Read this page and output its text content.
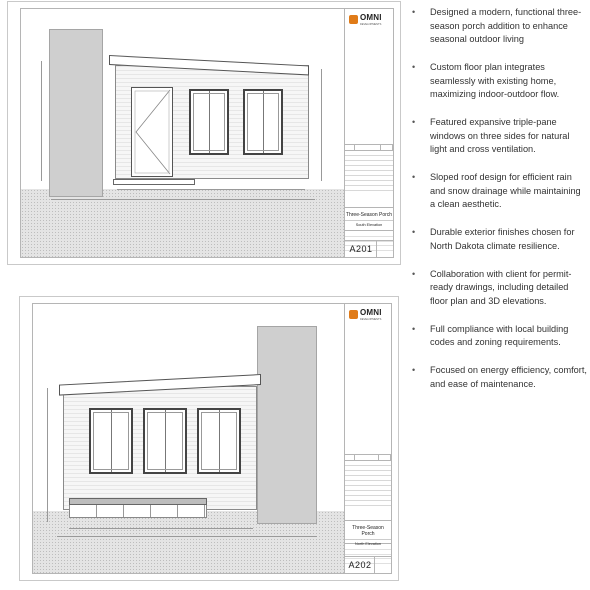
OMNI
DEVELOPMENTS
Three-Season Porch
South Elevation
A201
OMNI
DEVELOPMENTS
Three-Season Porch
North Elevation
A202
• Designed a modern, functional three-season porch addition to enhance seasonal outdoor living
• Custom floor plan integrates seamlessly with existing home, maximizing indoor-outdoor flow.
• Featured expansive triple-pane windows on three sides for natural light and cross ventilation.
• Sloped roof design for efficient rain and snow drainage while maintaining a clean aesthetic.
• Durable exterior finishes chosen for North Dakota climate resilience.
• Collaboration with client for permit-ready drawings, including detailed floor plan and 3D elevations.
• Full compliance with local building codes and zoning requirements.
• Focused on energy efficiency, comfort, and ease of maintenance.
